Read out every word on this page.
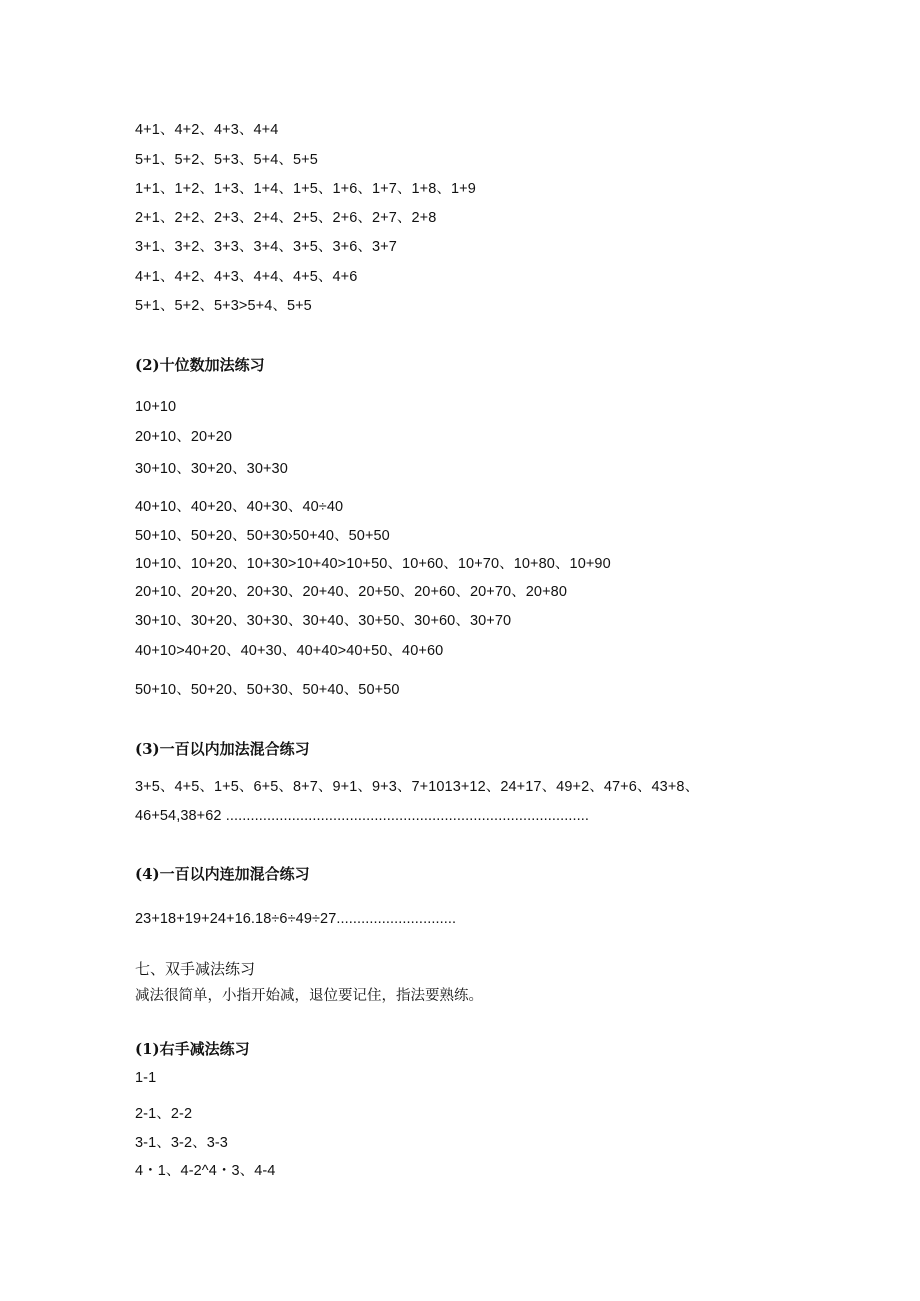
4+1、4+2、4+3、4+4
5+1、5+2、5+3、5+4、5+5
1+1、1+2、1+3、1+4、1+5、1+6、1+7、1+8、1+9
2+1、2+2、2+3、2+4、2+5、2+6、2+7、2+8
3+1、3+2、3+3、3+4、3+5、3+6、3+7
4+1、4+2、4+3、4+4、4+5、4+6
5+1、5+2、5+3>5+4、5+5
(2)十位数加法练习
10+10
20+10、20+20
30+10、30+20、30+30
40+10、40+20、40+30、40÷40
50+10、50+20、50+30›50+40、50+50
10+10、10+20、10+30>10+40>10+50、10+60、10+70、10+80、10+90
20+10、20+20、20+30、20+40、20+50、20+60、20+70、20+80
30+10、30+20、30+30、30+40、30+50、30+60、30+70
40+10>40+20、40+30、40+40>40+50、40+60
50+10、50+20、50+30、50+40、50+50
(3)一百以内加法混合练习
3+5、4+5、1+5、6+5、8+7、9+1、9+3、7+1013+12、24+17、49+2、47+6、43+8、
46+54,38+62 ........................................................................................
(4)一百以内连加混合练习
23+18+19+24+16.18÷6÷49÷27.............................
七、双手减法练习
减法很简单，小指开始减，退位要记住，指法要熟练。
(1)右手减法练习
1-1
2-1、2-2
3-1、3-2、3-3
4・1、4-2^4・3、4-4
